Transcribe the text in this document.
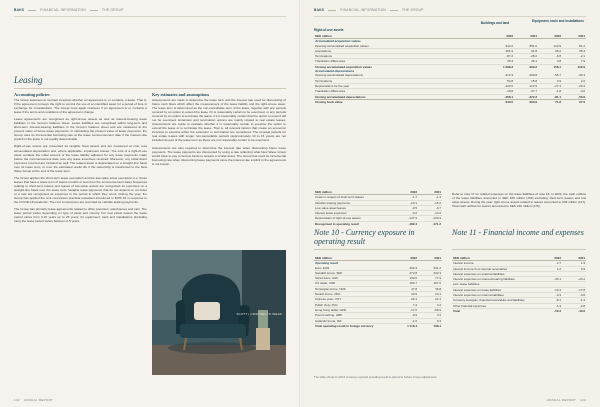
BAKS	FINANCIAL INFORMATION	THE GROUP
Leasing
Accounting policies

The Group assesses at contract inception whether an agreement is, or contains, a lease. That is, if the agreement conveys the right to control the use of an identified asset for a period of time in exchange for consideration. The Group must again reassess if an agreement is or contains a lease if the terms and conditions of the agreement change.

Lease agreements are recognised as right-of-use assets as well as interest-bearing lease liabilities in the Group's balance sheet. Lease liabilities are recognised within long-term and short-term interest-bearing liabilities in the Group's balance sheet and are measured at the present value of future lease payments. In calculating the present value of lease payments, the Group uses its incremental borrowing rate at the lease commencement date if the interest rate implicit in the lease is not readily determinable.

Right-of-use assets are presented as tangible fixed assets and are measured at cost, less accumulated depreciation and, where applicable, impairment losses. The cost of a right-of-use asset contains the initial amount of the lease liability adjusted for any lease payments made before the commencement date, less any lease incentives received. Moreover, any initial direct expenses incurred are included as well. The leased asset is depreciated on a straight-line basis over its lease term, or over the estimated useful life if the ownership is transferred to the New Wave Group at the end of the lease term.

The Group applies the short-term lease exemption and the low-value asset exemption (i.e. those leases that have a lease term of twelve months or less from the commencement date). Expenses relating to short-term leases and leases of low-value assets are recognised as expenses on a straight-line basis over the lease term. Variable lease payments that do not depend on an index or a rate are recognised as expenses in the period in which they occur. During the year, the Group has applied the rent concession practical expedient introduced in IFRS 16 in response to the COVID-19 pandemic. The rent concessions are recorded as variable leasing payments.

The Group has primarily lease agreements related to office premises, warehouses and cars. The lease period varies depending on type of asset and country. For real estate leases the lease period varies from 3-15 years up to 25 years; for equipment, tools and installations (including cars) the lease period varies between 2-5 years.

Key estimates and assumptions

Assessments are made to determine the lease term and the interest rate used for discounting of future cash flows which affect the measurement of the lease liability and the right-of-use asset. The lease term is determined as the non-cancellable term of the lease, together with any periods covered by an option to extend the lease if it is reasonably certain to be exercised, or any periods covered by an option to terminate the lease, if it is reasonably certain that the option to extend will not be exercised. Extension and termination options are mainly related to real estate leases. Assessments are made to evaluate whether it is reasonably certain to exercise the option to extend the lease or to terminate the lease. That is, all relevant factors that create an economic incentive to exercise either the extension or termination are considered. The renewal periods for real estate leases with longer non-cancellable periods (approximately 10 to 15 years) are not included as part of the lease term as these are not reasonably certain to be exercised.

Assessments are also required to determine the interest rate when discounting future lease payments. The lease payments are discounted by using a rate reflecting what New Wave Group would have to pay to borrow funds to acquire a similar asset. The Group has used its incremental borrowing rate when discounting lease payments since the interest rate implicit in the agreements is not known.

SCOTT | CRAFTED TO WEAR
102 ANNUAL REPORT
BAKS	FINANCIAL INFORMATION	THE GROUP
Right-of-use assets
Buildings and land	Equipment, tools and installations
SEK million	2022	2021	2022	2021
Accumulated acquisition values				
Opening accumulated acquisition values	944.2	851.0	123.9	81.2
Acquisitions	201.9	91.8	36.2	35.4
Terminations	-87.2	-28.2	-6.8	-2.1
Translation differences	39.4	46.1	4.8	7.9
Closing accumulated acquisition values	1 098.3	960.2	158.1	122.9
Accumulated depreciations				
Opening accumulated depreciations	-372.3	-290.8	-56.7	-36.3
Terminations	54.8	15.8	3.9	2.0
Depreciations for the year	-120.6	-112.9	-27.3	-20.4
Translation differences	-19.8	-37.7	-1.8	-4.0
Closing accumulated depreciations	-458.1	-372.3	-81.1	-56.0
Closing book value	640.5	600.9	71.8	67.9
SEK million	2022	2021
Costs in respect of short-term leases	-1.7	-1.3
Variable leasing payments	-23.1	-15.2
Low value asset leases	-0.5	-0.7
Interest lease expenses	-9.2	-14.6
Depreciation of right-of-use assets	-147.9	-133.3
Recognised in operating result	-182.4	-171.2
Refer to note 17 for related expenses on the lease liabilities of note 18. In 2022, the cash outflow of the lease liabilities amounted to SEK 186 million (159) excluding short-term leases and low value assets. During the year, right-of-use assets related to leases amounted to 238 million (127). Total cash outflow for leases amounted to SEK 210 million (175).
Note 10 - Currency exposure in operating result
SEK million	2022	2021
Operating result		
Euro, EUR	462.3	291.2
Swedish krona, SEK	272.8	232.3
Swiss franc, CHF	130.6	77.9
US dollar, USD	180.7	167.6
Norwegian krone, NOK	47.8	46.8
Danish krone, DKK	33.9	24.1
Chinese yuan, CNY	26.1	21.3
Polish zloty, PLN	7.4	4.2
Hong Kong dollar, HKD	-17.6	-80.9
Pound sterling, GBP	-9.9	3.3
Icelandic krona, ISK	-1.6	0.4
Total operating result in foreign currency	1 116.4	798.1
The table shows in which currency reported operating result is earned in before Group adjustments.
Note 11 - Financial income and expenses
SEK million	2022	2021
Interest income	2.7	1.9
Interest income from internal receivables	1.2	0.9
Interest expenses on external liabilities		
Interest expenses on interest-bearing liabilities	-36.1	-24.2
excl. lease liabilities		
Interest expenses on lease liabilities	-10.4	-17.8
Interest expenses on internal liabilities	-0.3	-0.6
Currency loss/gain, financial receivables and liabilities	-8.1	-1.3
Other financial expenses	-1.3	-2.8
Total	-52.3	-43.6
ANNUAL REPORT 103
